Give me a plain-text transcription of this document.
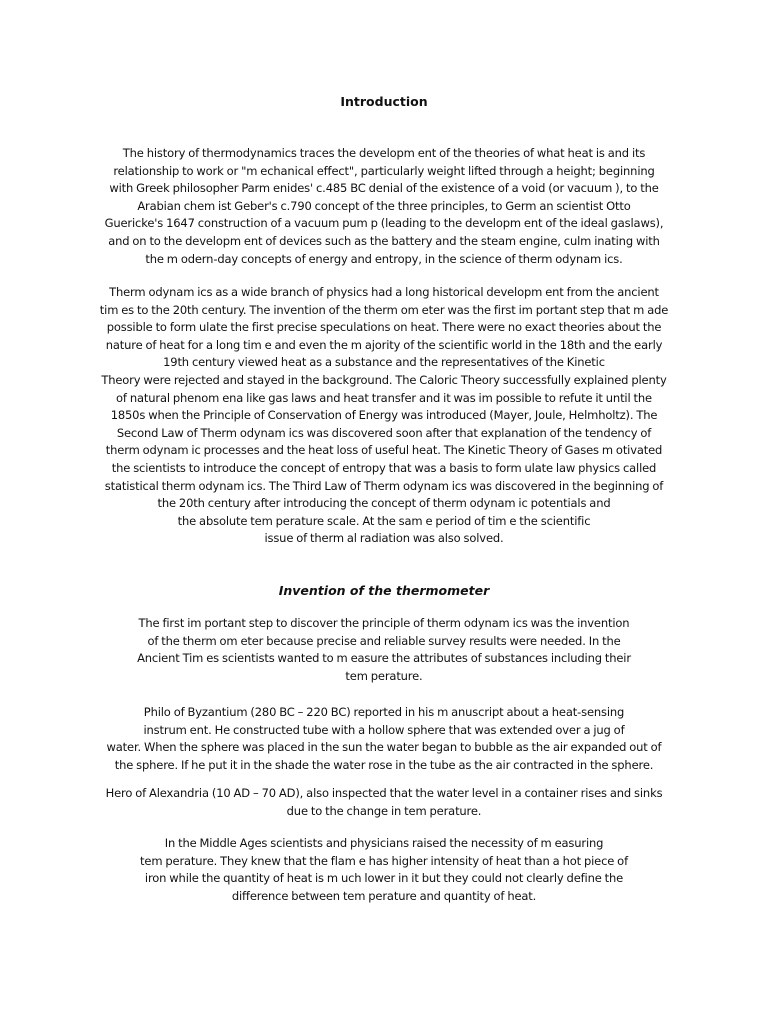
Introduction

The history of thermodynamics traces the developm ent of the theories of what heat is and its
relationship to work or "m echanical effect", particularly weight lifted through a height; beginning
with Greek philosopher Parm enides' c.485 BC denial of the existence of a void (or vacuum ), to the
Arabian chem ist Geber's c.790 concept of the three principles, to Germ an scientist Otto
Guericke's 1647 construction of a vacuum pum p (leading to the developm ent of the ideal gaslaws),
and on to the developm ent of devices such as the battery and the steam engine, culm inating with
the m odern-day concepts of energy and entropy, in the science of therm odynam ics.

Therm odynam ics as a wide branch of physics had a long historical developm ent from the ancient
tim es to the 20th century. The invention of the therm om eter was the first im portant step that m ade
possible to form ulate the first precise speculations on heat. There were no exact theories about the
nature of heat for a long tim e and even the m ajority of the scientific world in the 18th and the early
19th century viewed heat as a substance and the representatives of the Kinetic
Theory were rejected and stayed in the background. The Caloric Theory successfully explained plenty
of natural phenom ena like gas laws and heat transfer and it was im possible to refute it until the
1850s when the Principle of Conservation of Energy was introduced (Mayer, Joule, Helmholtz). The
Second Law of Therm odynam ics was discovered soon after that explanation of the tendency of
therm odynam ic processes and the heat loss of useful heat. The Kinetic Theory of Gases m otivated
the scientists to introduce the concept of entropy that was a basis to form ulate law physics called
statistical therm odynam ics. The Third Law of Therm odynam ics was discovered in the beginning of
the 20th century after introducing the concept of therm odynam ic potentials and
the absolute tem perature scale. At the sam e period of tim e the scientific
issue of therm al radiation was also solved.

Invention of the thermometer

The first im portant step to discover the principle of therm odynam ics was the invention
of the therm om eter because precise and reliable survey results were needed. In the
Ancient Tim es scientists wanted to m easure the attributes of substances including their
tem perature.

Philo of Byzantium (280 BC – 220 BC) reported in his m anuscript about a heat-sensing
instrum ent. He constructed tube with a hollow sphere that was extended over a jug of
water. When the sphere was placed in the sun the water began to bubble as the air expanded out of
the sphere. If he put it in the shade the water rose in the tube as the air contracted in the sphere.

Hero of Alexandria (10 AD – 70 AD), also inspected that the water level in a container rises and sinks
due to the change in tem perature.

In the Middle Ages scientists and physicians raised the necessity of m easuring
tem perature. They knew that the flam e has higher intensity of heat than a hot piece of
iron while the quantity of heat is m uch lower in it but they could not clearly define the
difference between tem perature and quantity of heat.
